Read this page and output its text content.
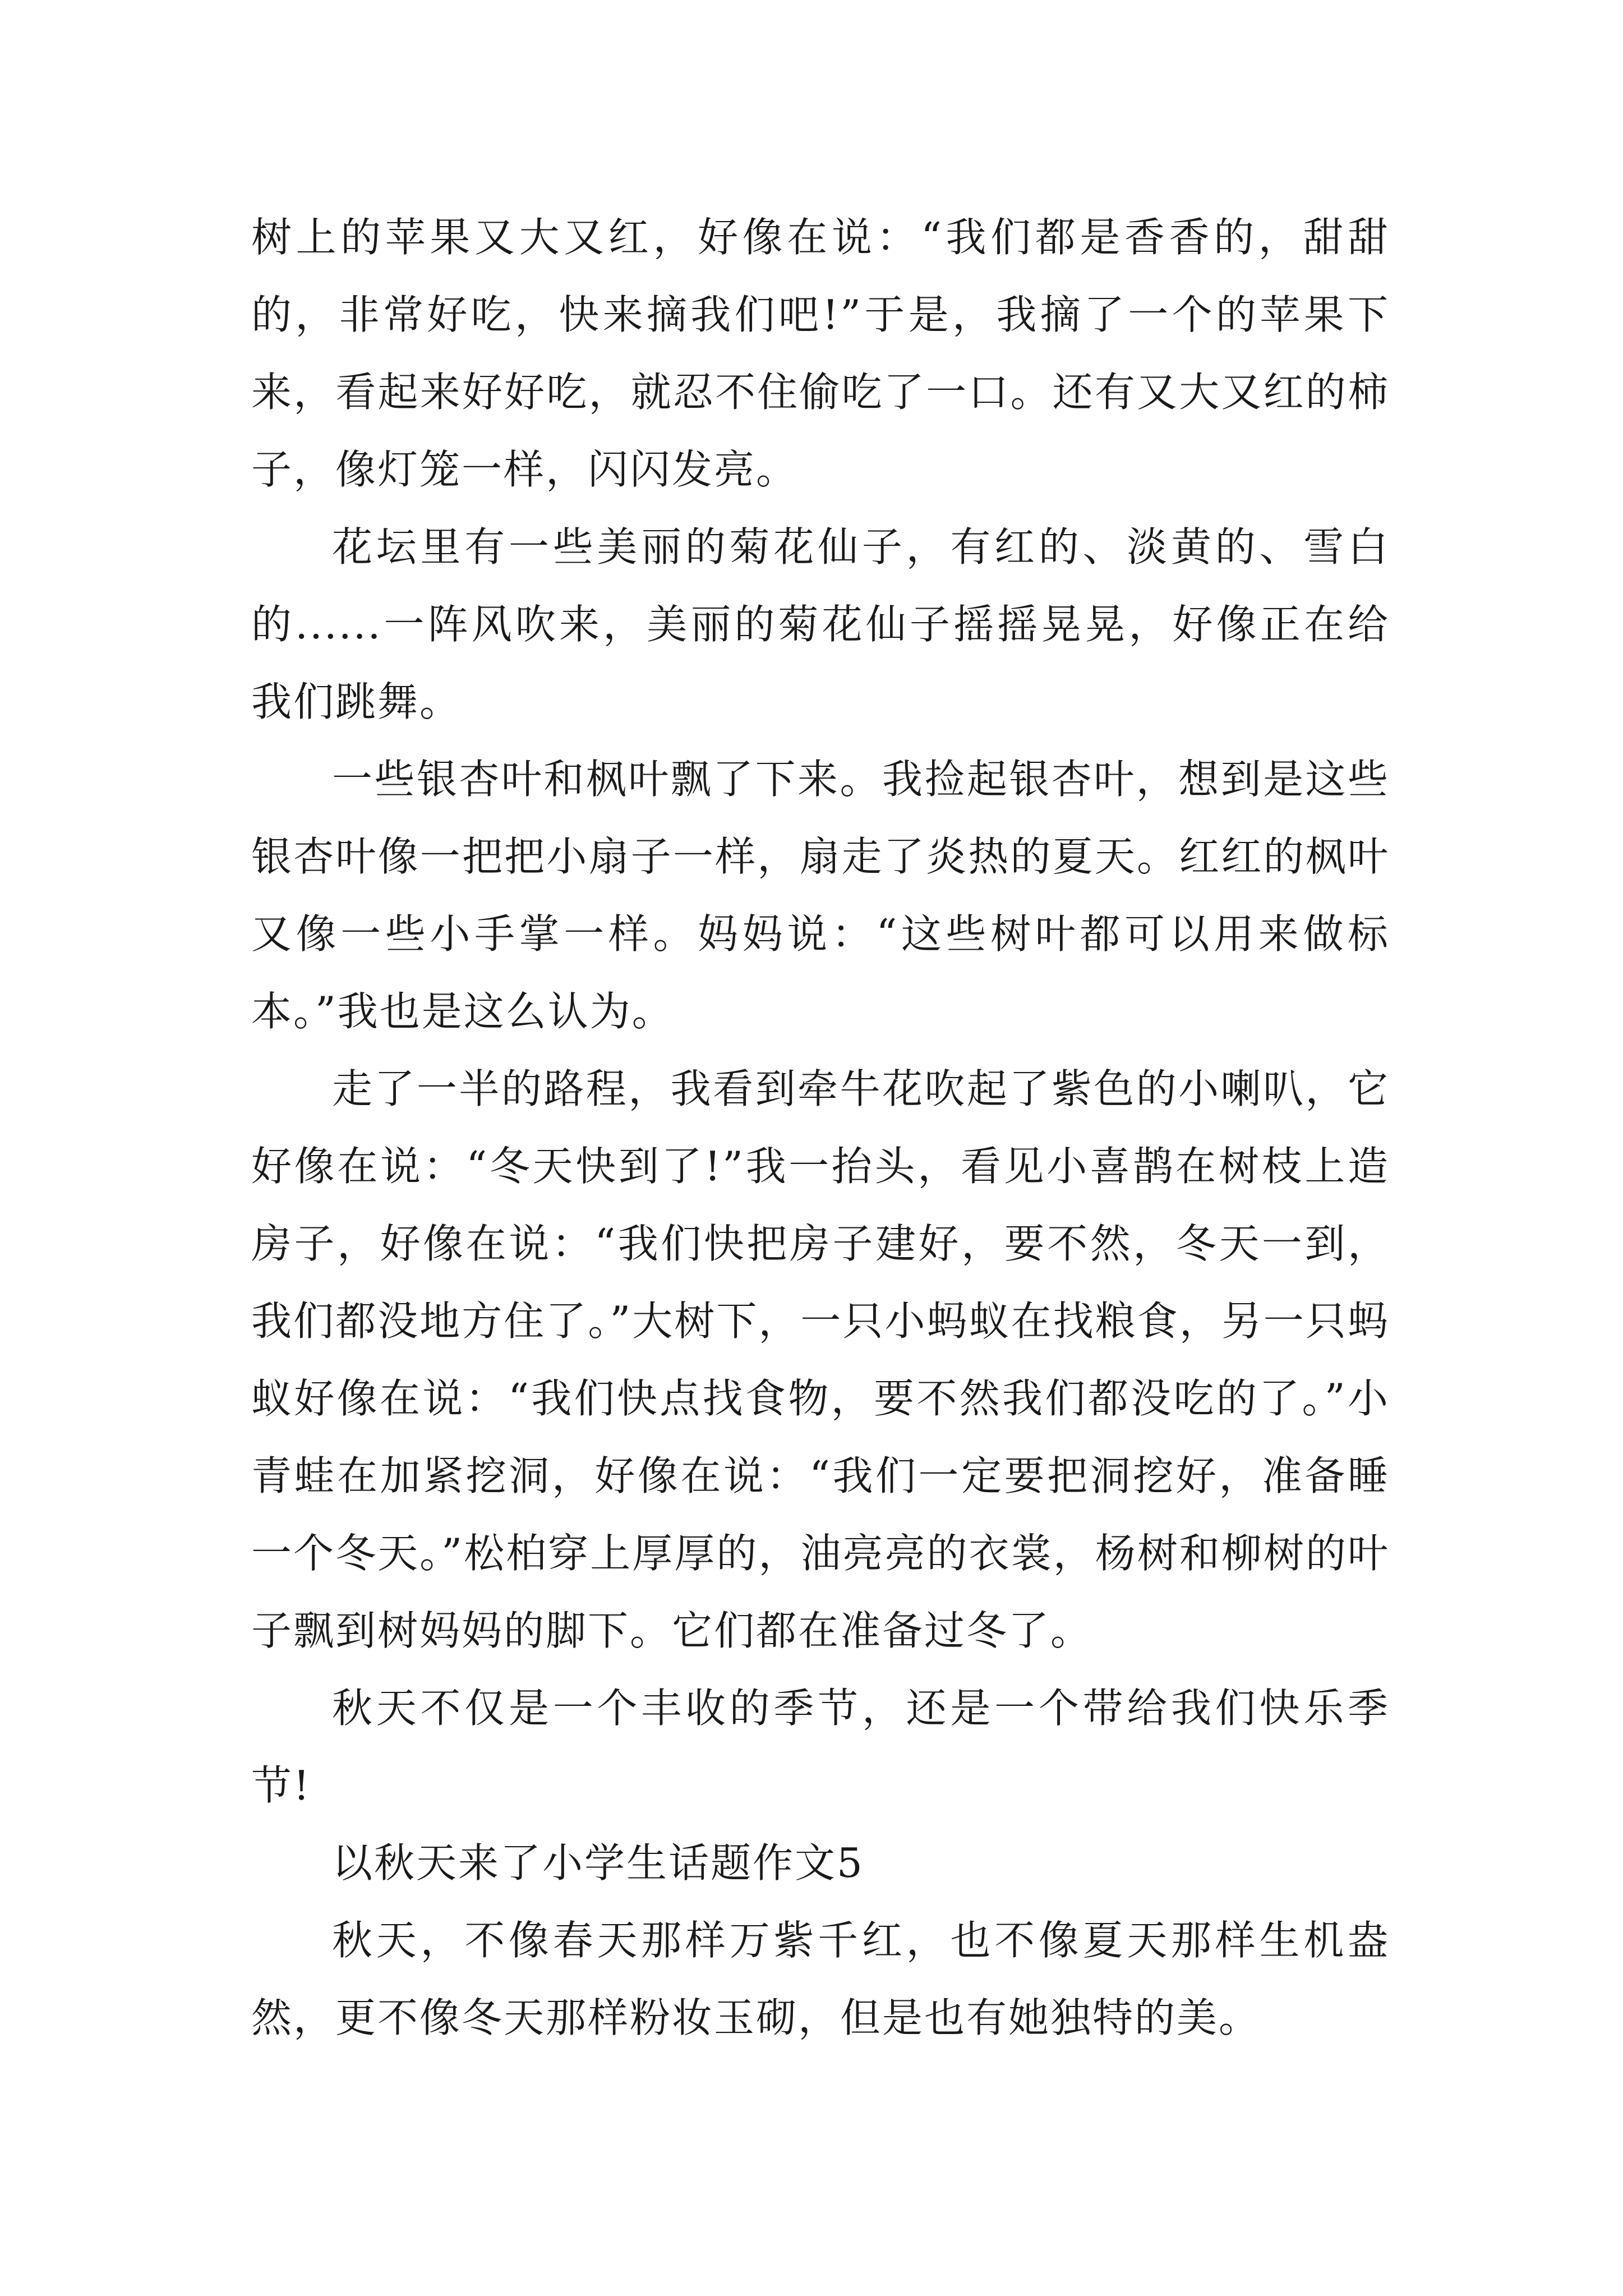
树上的苹果又大又红，好像在说：“我们都是香香的，甜甜的，非常好吃，快来摘我们吧!”于是，我摘了一个的苹果下来，看起来好好吃，就忍不住偷吃了一口。还有又大又红的柿子，像灯笼一样，闪闪发亮。

花坛里有一些美丽的菊花仙子，有红的、淡黄的、雪白的......一阵风吹来，美丽的菊花仙子摇摇晃晃，好像正在给我们跳舞。

一些银杏叶和枫叶飘了下来。我捡起银杏叶，想到是这些银杏叶像一把把小扇子一样，扇走了炎热的夏天。红红的枫叶又像一些小手掌一样。妈妈说：“这些树叶都可以用来做标本。”我也是这么认为。

走了一半的路程，我看到牵牛花吹起了紫色的小喇叭，它好像在说：“冬天快到了!”我一抬头，看见小喜鹊在树枝上造房子，好像在说：“我们快把房子建好，要不然，冬天一到，我们都没地方住了。”大树下，一只小蚂蚁在找粮食，另一只蚂蚁好像在说：“我们快点找食物，要不然我们都没吃的了。”小青蛙在加紧挖洞，好像在说：“我们一定要把洞挖好，准备睡一个冬天。”松柏穿上厚厚的，油亮亮的衣裳，杨树和柳树的叶子飘到树妈妈的脚下。它们都在准备过冬了。

秋天不仅是一个丰收的季节，还是一个带给我们快乐季节!

以秋天来了小学生话题作文5

秋天，不像春天那样万紫千红，也不像夏天那样生机盎然，更不像冬天那样粉妆玉砌，但是也有她独特的美。
